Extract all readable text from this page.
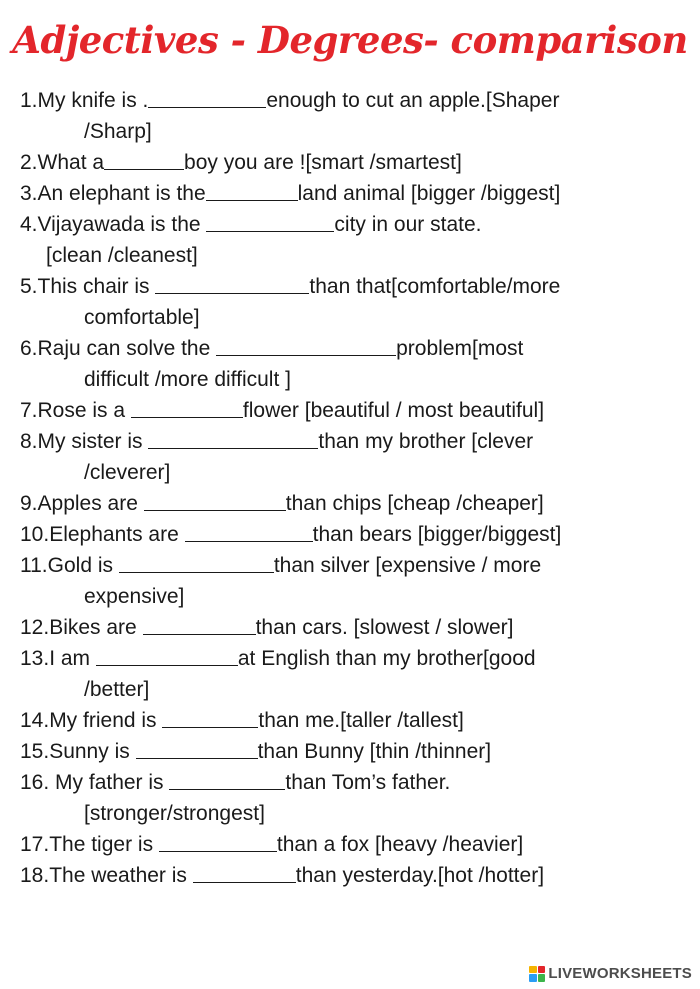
Adjectives - Degrees- comparison
1.My knife is .	enough to cut an apple.[Shaper
/Sharp]
2.What a	boy you are ![smart /smartest]
3.An elephant is the	land animal [bigger /biggest]
4.Vijayawada is the	city in our state.
[clean /cleanest]
5.This chair is	than that[comfortable/more
comfortable]
6.Raju can solve the	problem[most
difficult /more difficult ]
7.Rose is a	flower [beautiful / most beautiful]
8.My sister is	than my brother [clever
/cleverer]
9.Apples are	than chips [cheap /cheaper]
10.Elephants are	than bears [bigger/biggest]
11.Gold is	than silver [expensive / more
expensive]
12.Bikes are	than cars. [slowest / slower]
13.I am	at English than my brother[good
/better]
14.My friend is	than me.[taller /tallest]
15.Sunny is	than Bunny [thin /thinner]
16. My father is	than Tom’s father.
[stronger/strongest]
17.The tiger is	than a fox [heavy /heavier]
18.The weather is	than yesterday.[hot /hotter]
LIVEWORKSHEETS
